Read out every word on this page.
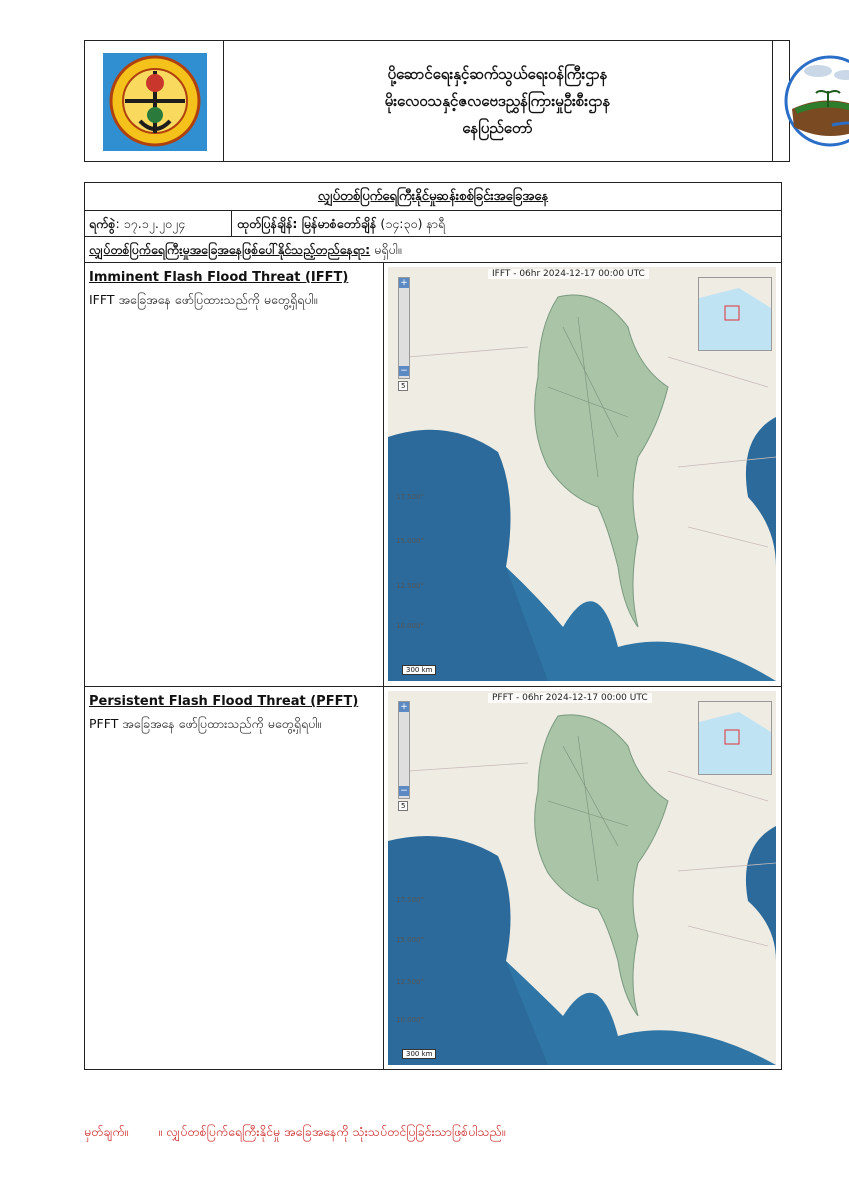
ပို့ဆောင်ရေးနှင့်ဆက်သွယ်ရေးဝန်ကြီးဌာန
မိုးလေဝသနှင့်ဇလဗေဒညွှန်ကြားမှုဦးစီးဌာန
နေပြည်တော်
လျှပ်တစ်ပြက်ရေကြီးနိုင်မှုဆန်းစစ်ခြင်းအခြေအနေ
ရက်စွဲ: ၁၇.၁၂.၂၀၂၄	ထုတ်ပြန်ချိန်: မြန်မာစံတော်ချိန် (၁၄:၃၀) နာရီ
လျှပ်တစ်ပြက်ရေကြီးမှုအခြေအနေဖြစ်ပေါ်နိုင်သည့်တည်နေရာ: မရှိပါ။
Imminent Flash Flood Threat (IFFT)
IFFT အခြေအနေ ဖော်ပြထားသည်ကို မတွေ့ရှိရပါ။
IFFT - 06hr 2024-12-17 00:00 UTC
+
−
5
17.500°
15.000°
12.500°
10.000°
300 km
Persistent Flash Flood Threat (PFFT)
PFFT အခြေအနေ ဖော်ပြထားသည်ကို မတွေ့ရှိရပါ။
PFFT - 06hr 2024-12-17 00:00 UTC
+
−
5
17.500°
15.000°
12.500°
10.000°
300 km
မှတ်ချက်။ ။ လျှပ်တစ်ပြက်ရေကြီးနိုင်မှု အခြေအနေကို သုံးသပ်တင်ပြခြင်းသာဖြစ်ပါသည်။
